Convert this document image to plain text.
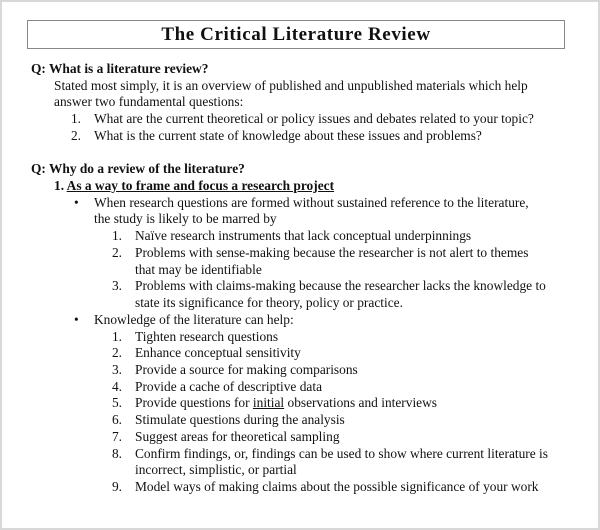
The Critical Literature Review
Q: What is a literature review?
Stated most simply, it is an overview of published and unpublished materials which help
answer two fundamental questions:
1. What are the current theoretical or policy issues and debates related to your topic?
2. What is the current state of knowledge about these issues and problems?
Q: Why do a review of the literature?
1. As a way to frame and focus a research project
• When research questions are formed without sustained reference to the literature,
the study is likely to be marred by
1. Naïve research instruments that lack conceptual underpinnings
2. Problems with sense-making because the researcher is not alert to themes
that may be identifiable
3. Problems with claims-making because the researcher lacks the knowledge to
state its significance for theory, policy or practice.
• Knowledge of the literature can help:
1. Tighten research questions
2. Enhance conceptual sensitivity
3. Provide a source for making comparisons
4. Provide a cache of descriptive data
5. Provide questions for initial observations and interviews
6. Stimulate questions during the analysis
7. Suggest areas for theoretical sampling
8. Confirm findings, or, findings can be used to show where current literature is
incorrect, simplistic, or partial
9. Model ways of making claims about the possible significance of your work
